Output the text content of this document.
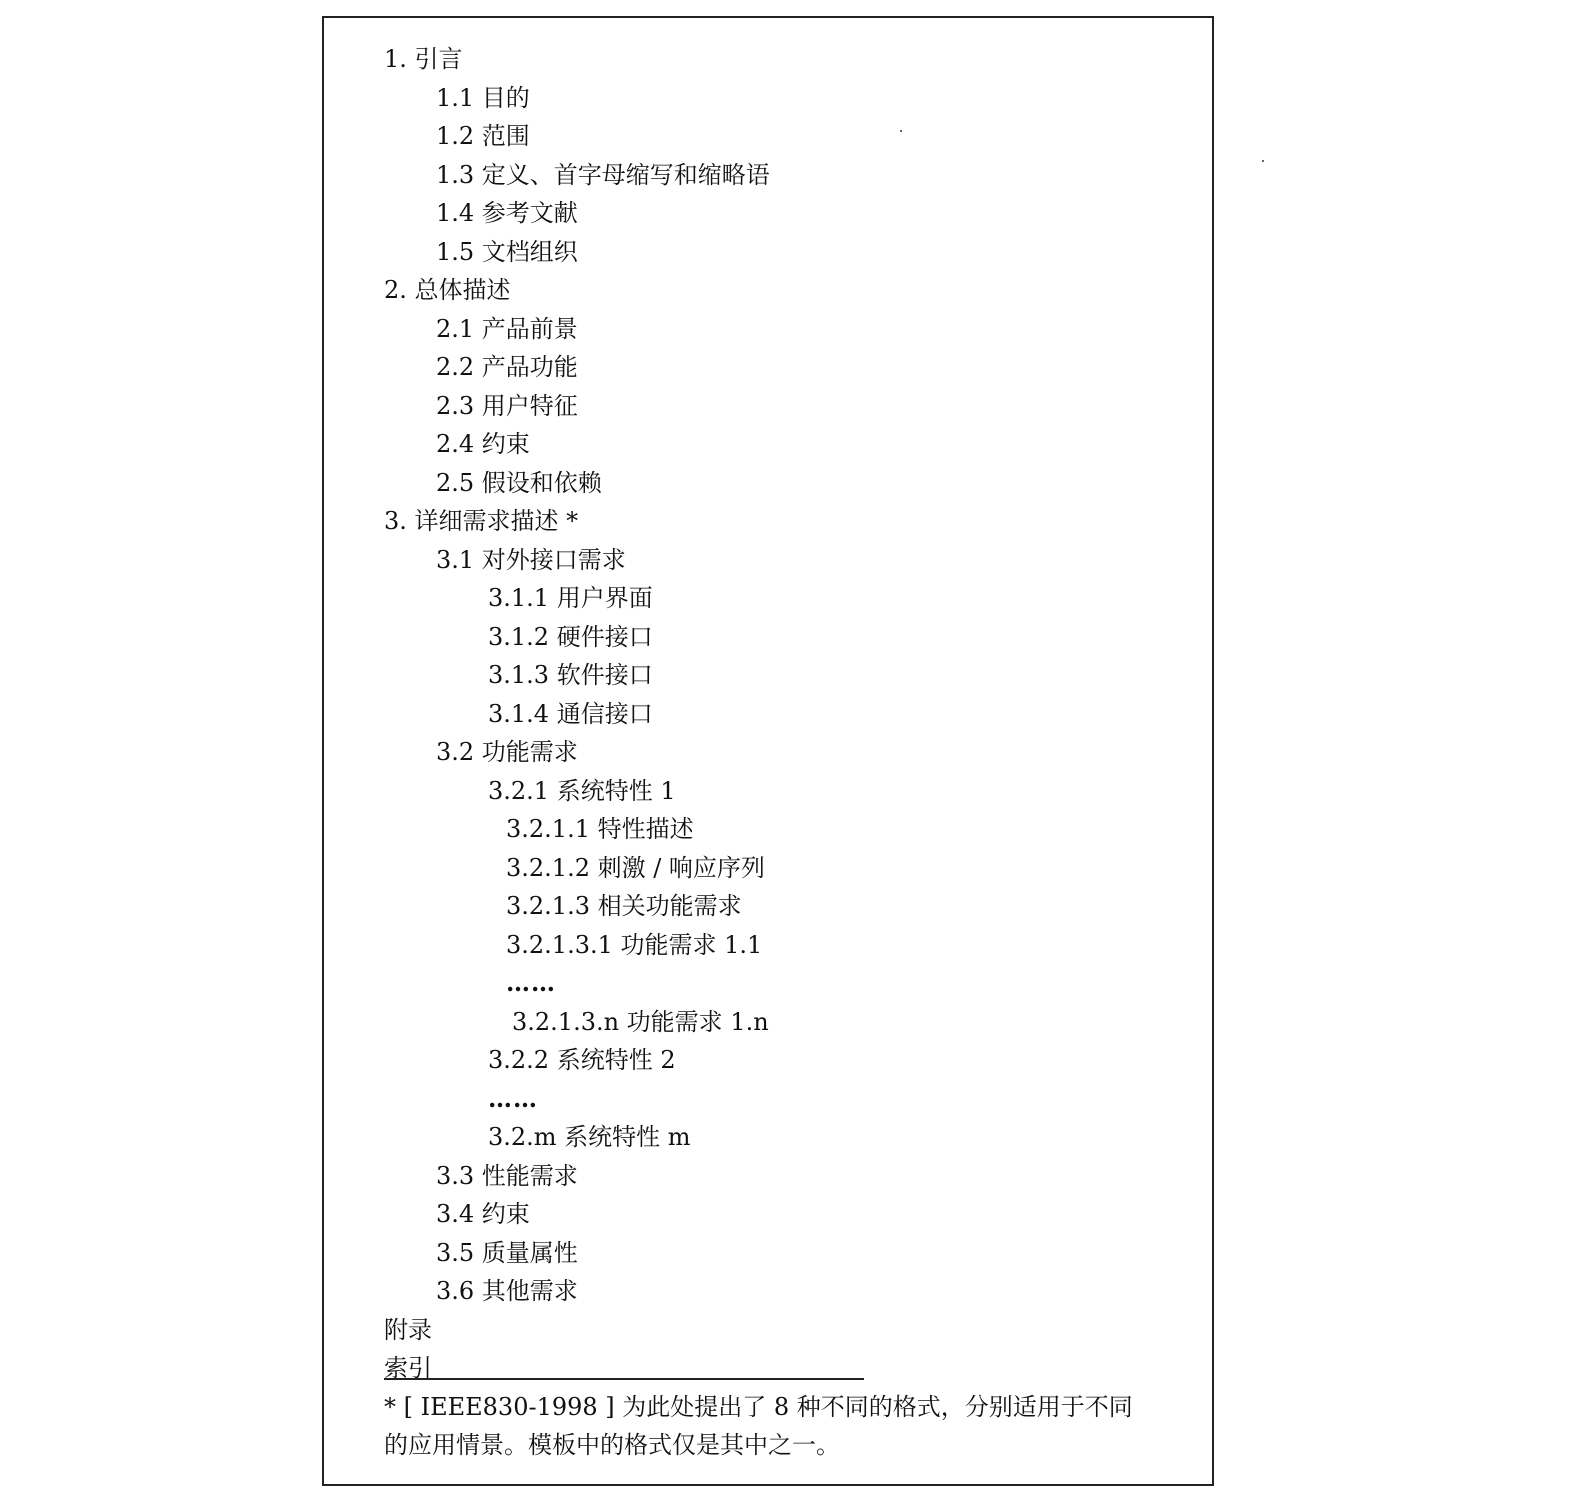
1. 引言
1.1 目的
1.2 范围
1.3 定义、首字母缩写和缩略语
1.4 参考文献
1.5 文档组织
2. 总体描述
2.1 产品前景
2.2 产品功能
2.3 用户特征
2.4 约束
2.5 假设和依赖
3. 详细需求描述 *
3.1 对外接口需求
3.1.1 用户界面
3.1.2 硬件接口
3.1.3 软件接口
3.1.4 通信接口
3.2 功能需求
3.2.1 系统特性 1
3.2.1.1 特性描述
3.2.1.2 刺激 / 响应序列
3.2.1.3 相关功能需求
3.2.1.3.1 功能需求 1.1
……
3.2.1.3.n 功能需求 1.n
3.2.2 系统特性 2
……
3.2.m 系统特性 m
3.3 性能需求
3.4 约束
3.5 质量属性
3.6 其他需求
附录
索引
* [ IEEE830-1998 ] 为此处提出了 8 种不同的格式，分别适用于不同
的应用情景。模板中的格式仅是其中之一。
